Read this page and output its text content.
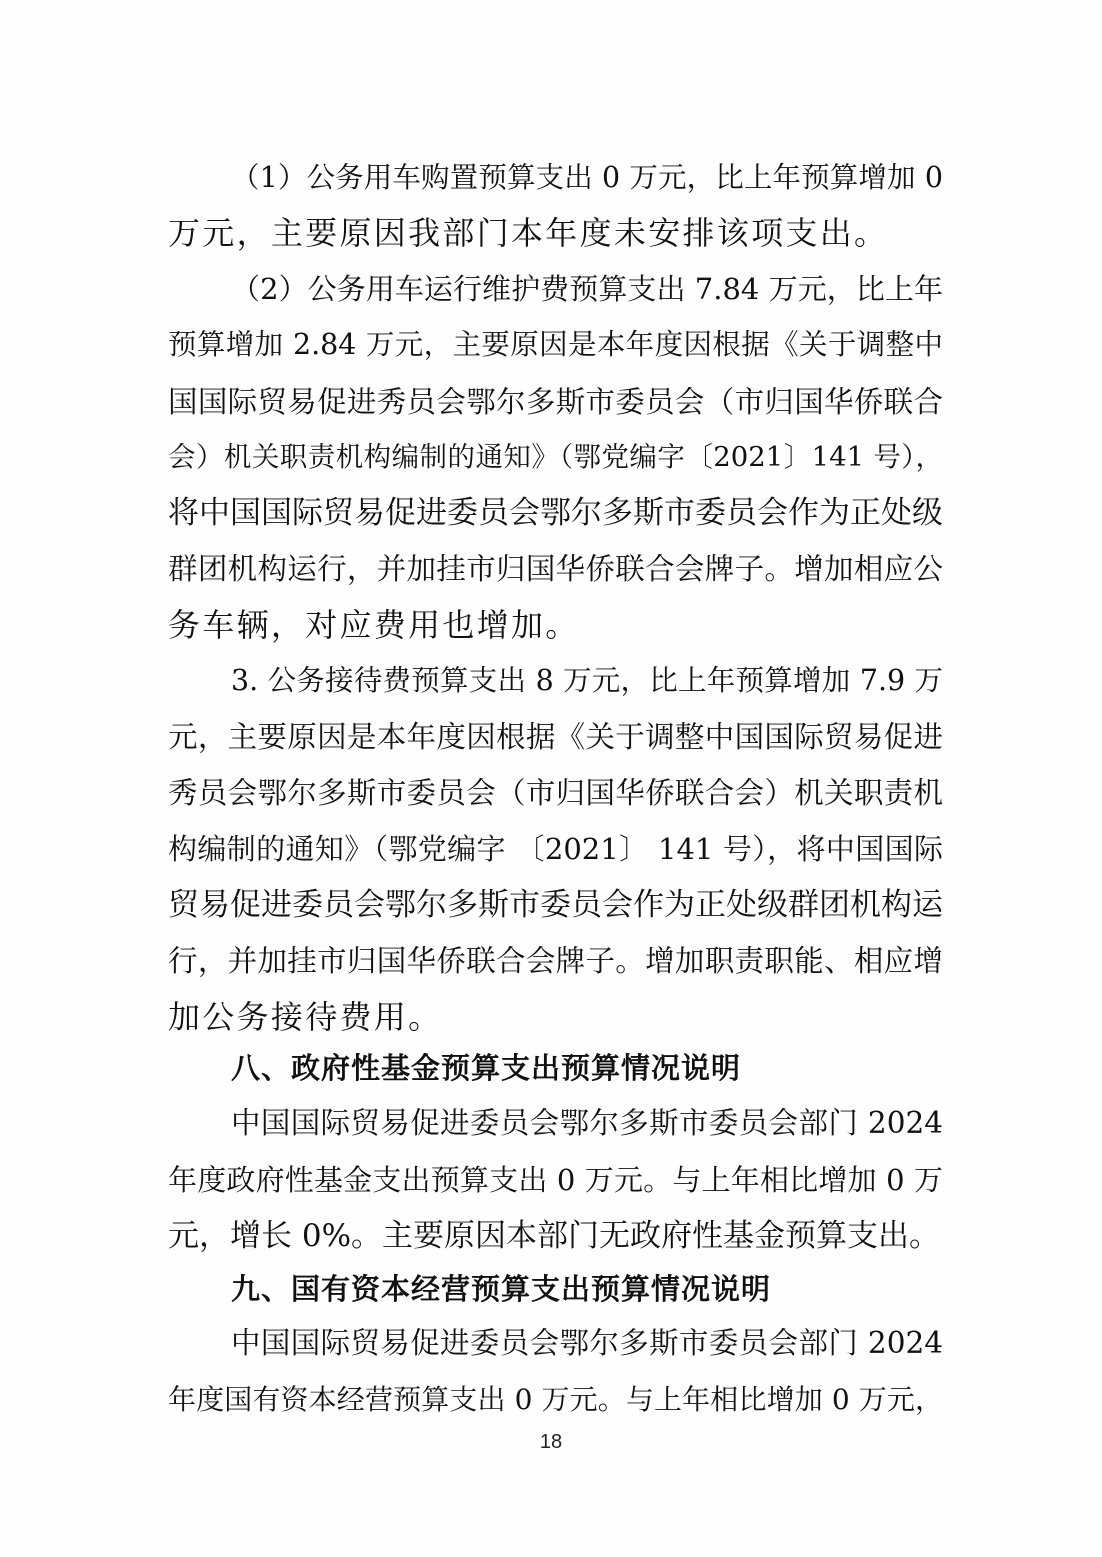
（1）公务用车购置预算支出 0 万元，比上年预算增加 0
万元，主要原因我部门本年度未安排该项支出。
（2）公务用车运行维护费预算支出 7.84 万元，比上年
预算增加 2.84 万元，主要原因是本年度因根据《关于调整中
国国际贸易促进秀员会鄂尔多斯市委员会（市归国华侨联合
会）机关职责机构编制的通知》（鄂党编字〔2021〕141 号），
将中国国际贸易促进委员会鄂尔多斯市委员会作为正处级
群团机构运行，并加挂市归国华侨联合会牌子。增加相应公
务车辆，对应费用也增加。
3. 公务接待费预算支出 8 万元，比上年预算增加 7.9 万
元，主要原因是本年度因根据《关于调整中国国际贸易促进
秀员会鄂尔多斯市委员会（市归国华侨联合会）机关职责机
构编制的通知》（鄂党编字 〔2021〕 141 号），将中国国际
贸易促进委员会鄂尔多斯市委员会作为正处级群团机构运
行，并加挂市归国华侨联合会牌子。增加职责职能、相应增
加公务接待费用。
八、政府性基金预算支出预算情况说明
中国国际贸易促进委员会鄂尔多斯市委员会部门 2024
年度政府性基金支出预算支出 0 万元。与上年相比增加 0 万
元，增长 0%。主要原因本部门无政府性基金预算支出。
九、国有资本经营预算支出预算情况说明
中国国际贸易促进委员会鄂尔多斯市委员会部门 2024
年度国有资本经营预算支出 0 万元。与上年相比增加 0 万元，
18
